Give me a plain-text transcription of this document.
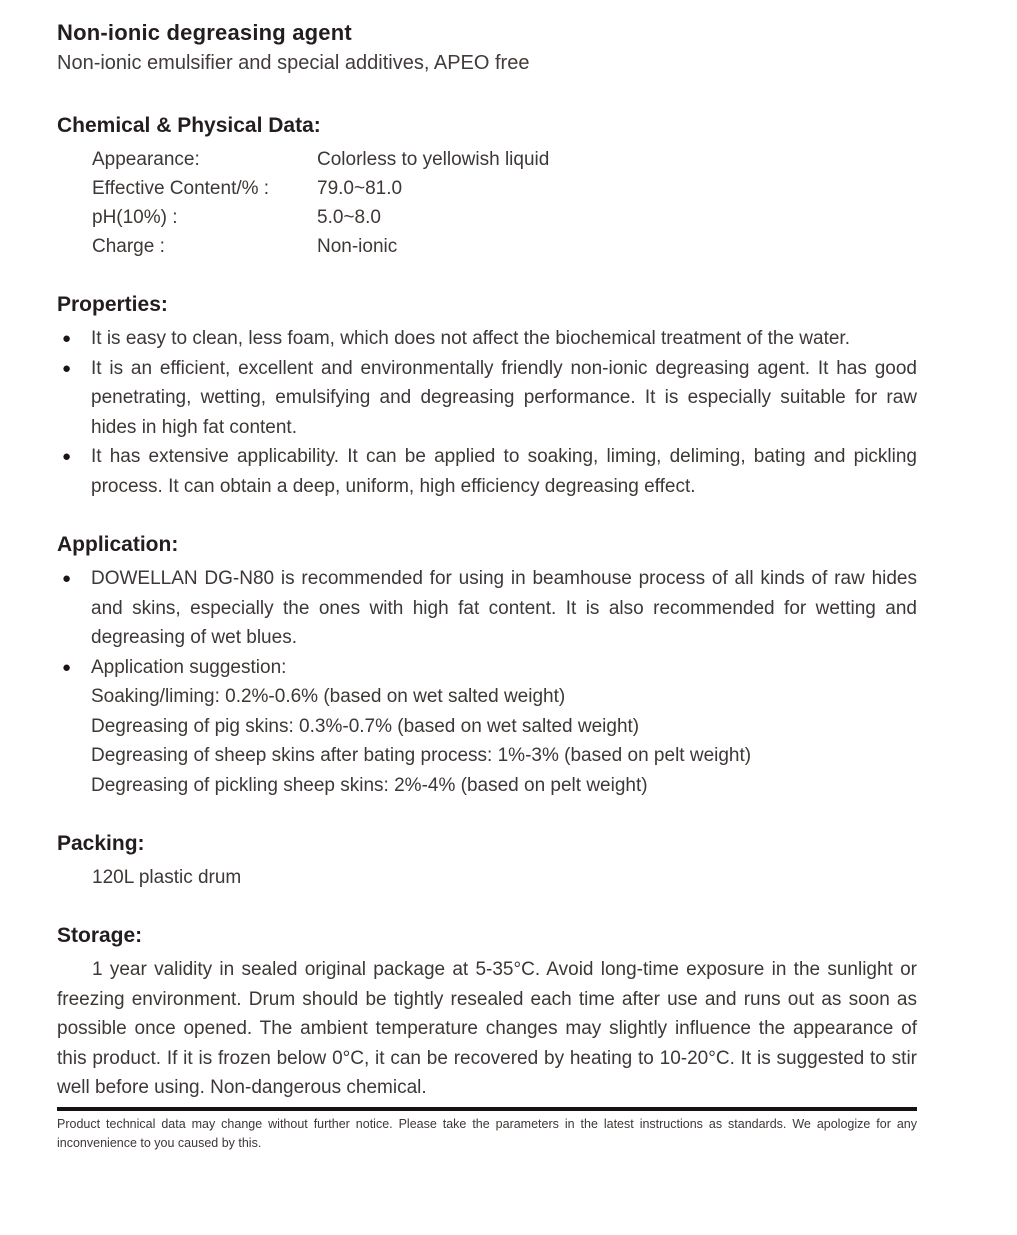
Non-ionic degreasing agent

Non-ionic emulsifier and special additives, APEO free

Chemical & Physical Data:
Appearance:	Colorless to yellowish liquid
Effective Content/% :	79.0~81.0
pH(10%) :	5.0~8.0
Charge :	Non-ionic
Properties:
●	It is easy to clean, less foam, which does not affect the biochemical treatment of the water.
●	It is an efficient, excellent and environmentally friendly non-ionic degreasing agent. It has good penetrating, wetting, emulsifying and degreasing performance. It is especially suitable for raw hides in high fat content.
●	It has extensive applicability. It can be applied to soaking, liming, deliming, bating and pickling process. It can obtain a deep, uniform, high efficiency degreasing effect.
Application:
●	DOWELLAN DG-N80 is recommended for using in beamhouse process of all kinds of raw hides and skins, especially the ones with high fat content. It is also recommended for wetting and degreasing of wet blues.
●	Application suggestion:
Soaking/liming: 0.2%-0.6% (based on wet salted weight)
Degreasing of pig skins: 0.3%-0.7% (based on wet salted weight)
Degreasing of sheep skins after bating process: 1%-3% (based on pelt weight)
Degreasing of pickling sheep skins: 2%-4% (based on pelt weight)
Packing:
120L plastic drum
Storage:

1 year validity in sealed original package at 5-35°C. Avoid long-time exposure in the sunlight or freezing environment. Drum should be tightly resealed each time after use and runs out as soon as possible once opened. The ambient temperature changes may slightly influence the appearance of this product. If it is frozen below 0°C, it can be recovered by heating to 10-20°C. It is suggested to stir well before using. Non-dangerous chemical.

Product technical data may change without further notice. Please take the parameters in the latest instructions as standards. We apologize for any inconvenience to you caused by this.
